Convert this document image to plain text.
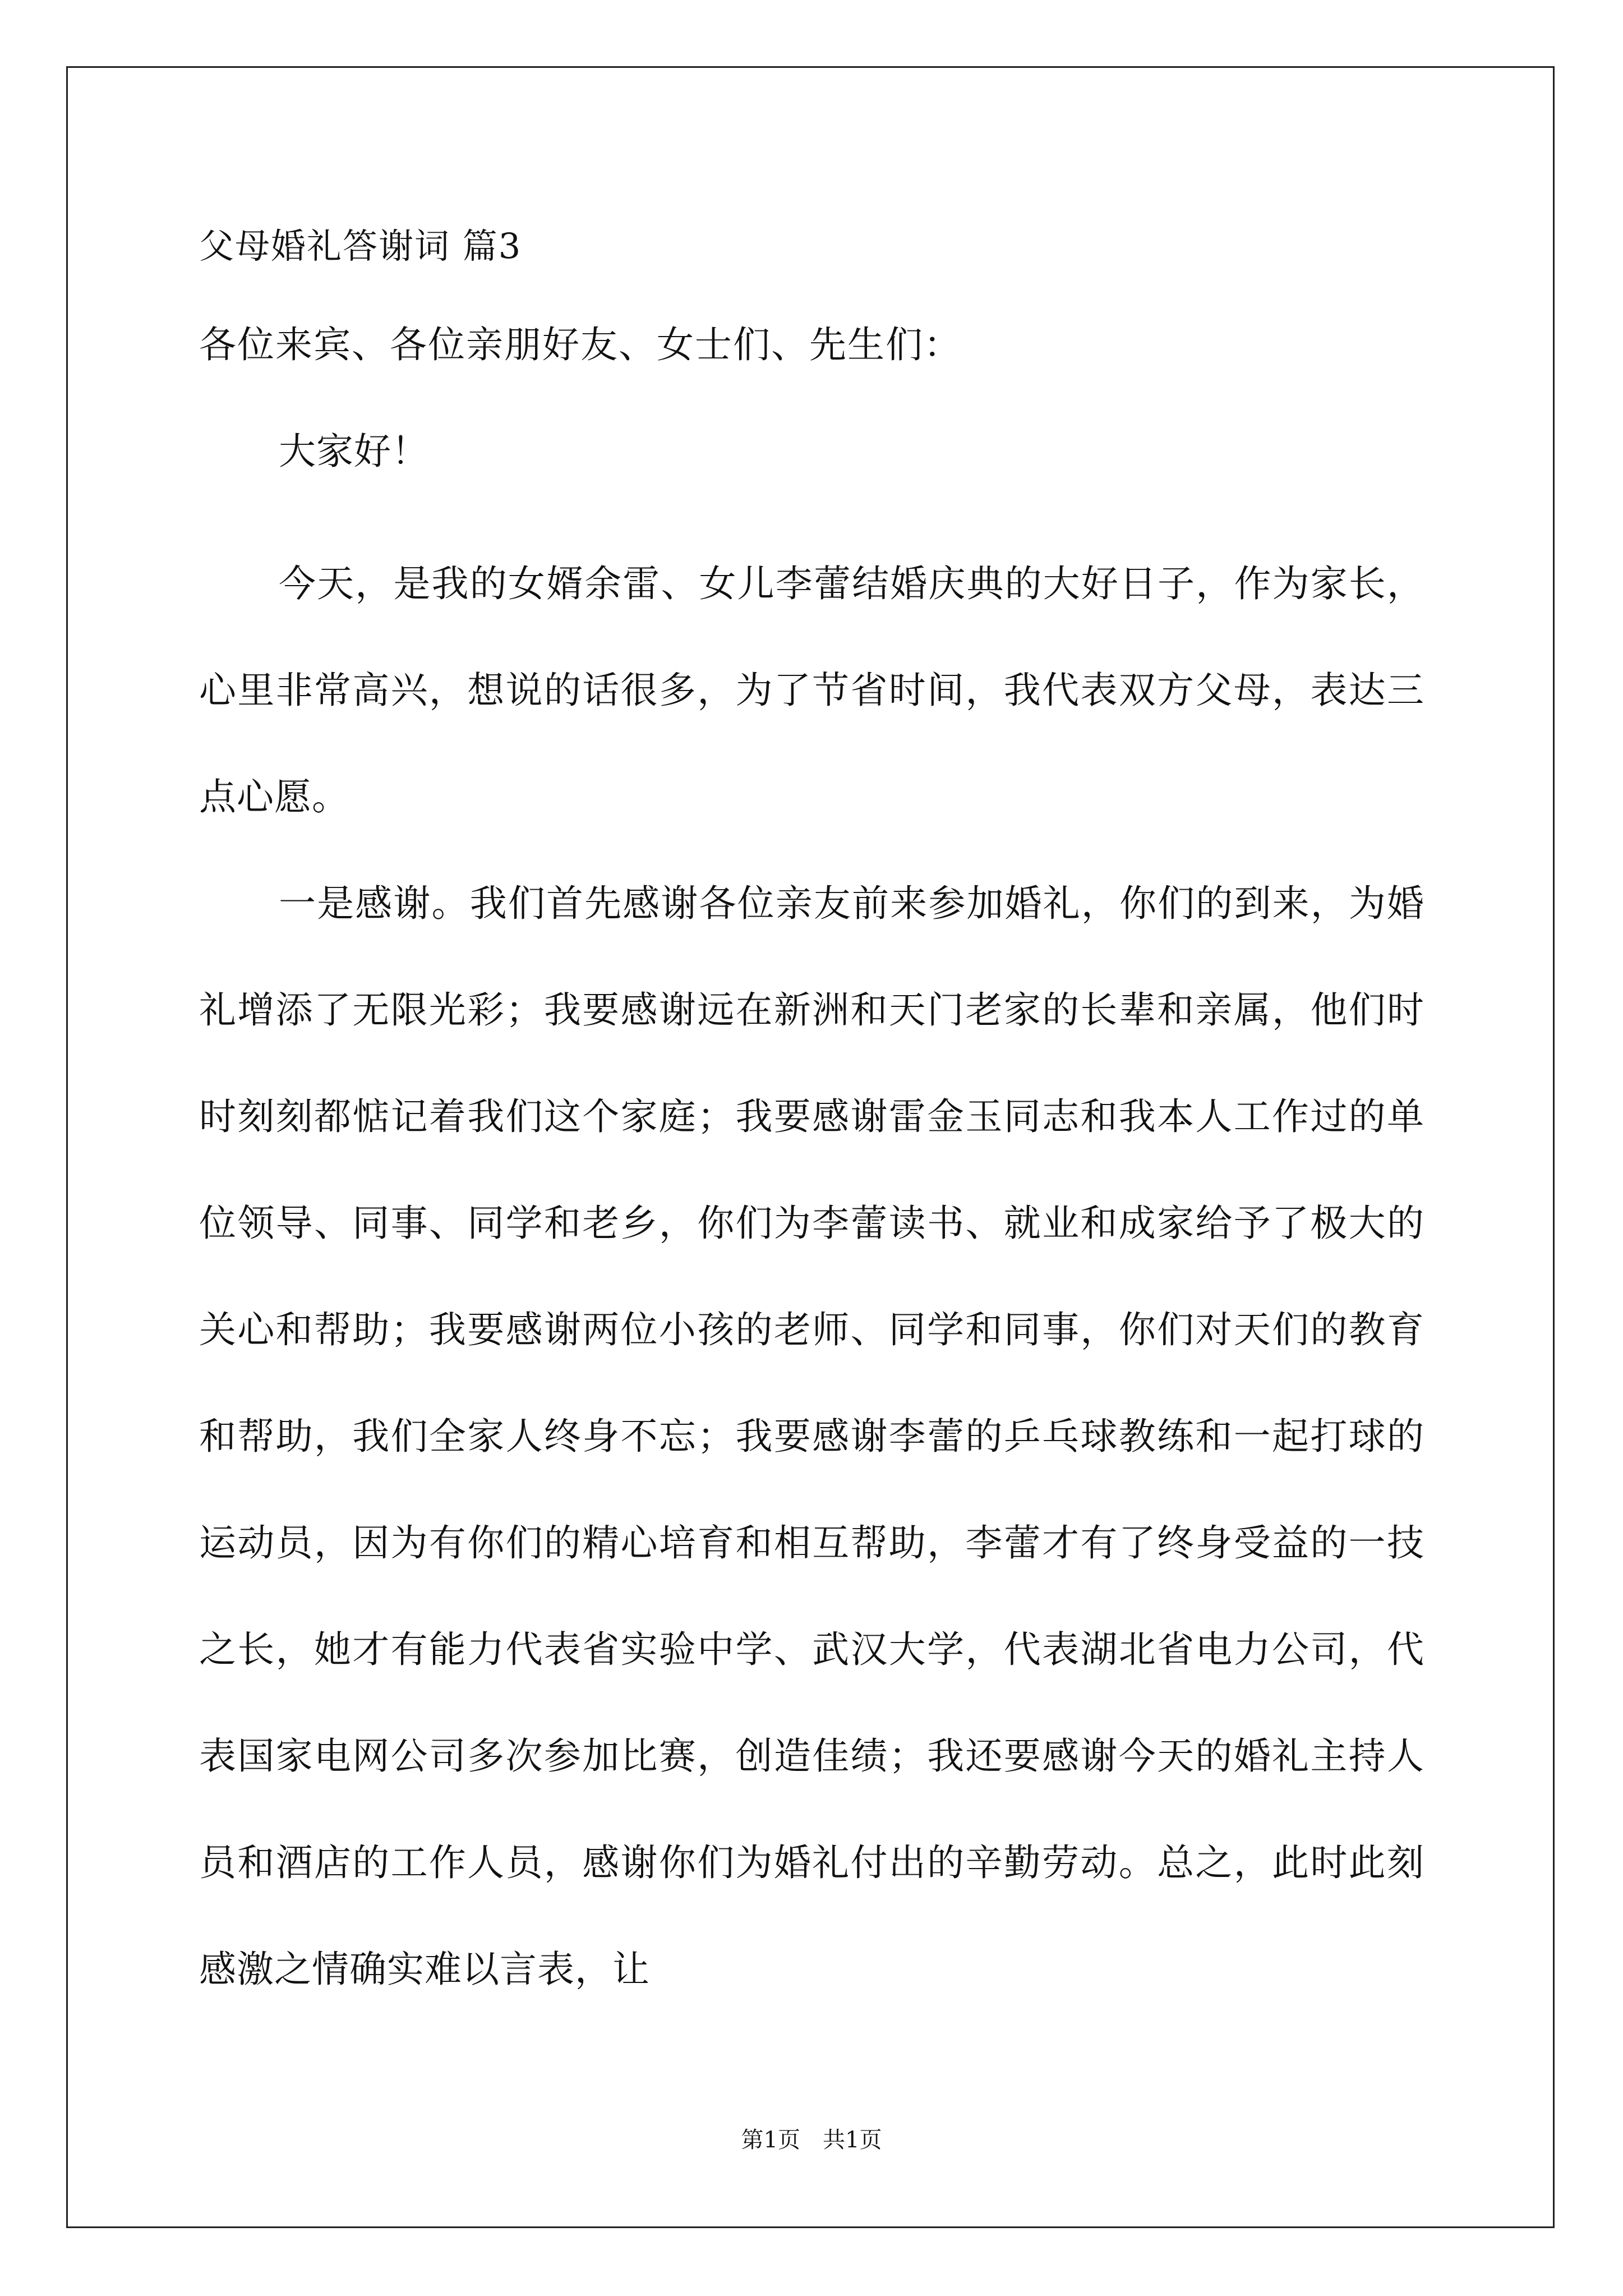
父母婚礼答谢词 篇3
各位来宾、各位亲朋好友、女士们、先生们：

大家好！

今天，是我的女婿余雷、女儿李蕾结婚庆典的大好日子，作为家长，心里非常高兴，想说的话很多，为了节省时间，我代表双方父母，表达三点心愿。

一是感谢。我们首先感谢各位亲友前来参加婚礼，你们的到来，为婚礼增添了无限光彩；我要感谢远在新洲和天门老家的长辈和亲属，他们时时刻刻都惦记着我们这个家庭；我要感谢雷金玉同志和我本人工作过的单位领导、同事、同学和老乡，你们为李蕾读书、就业和成家给予了极大的关心和帮助；我要感谢两位小孩的老师、同学和同事，你们对天们的教育和帮助，我们全家人终身不忘；我要感谢李蕾的乒乓球教练和一起打球的运动员，因为有你们的精心培育和相互帮助，李蕾才有了终身受益的一技之长，她才有能力代表省实验中学、武汉大学，代表湖北省电力公司，代表国家电网公司多次参加比赛，创造佳绩；我还要感谢今天的婚礼主持人员和酒店的工作人员，感谢你们为婚礼付出的辛勤劳动。总之，此时此刻感激之情确实难以言表，让

第1页 共1页
